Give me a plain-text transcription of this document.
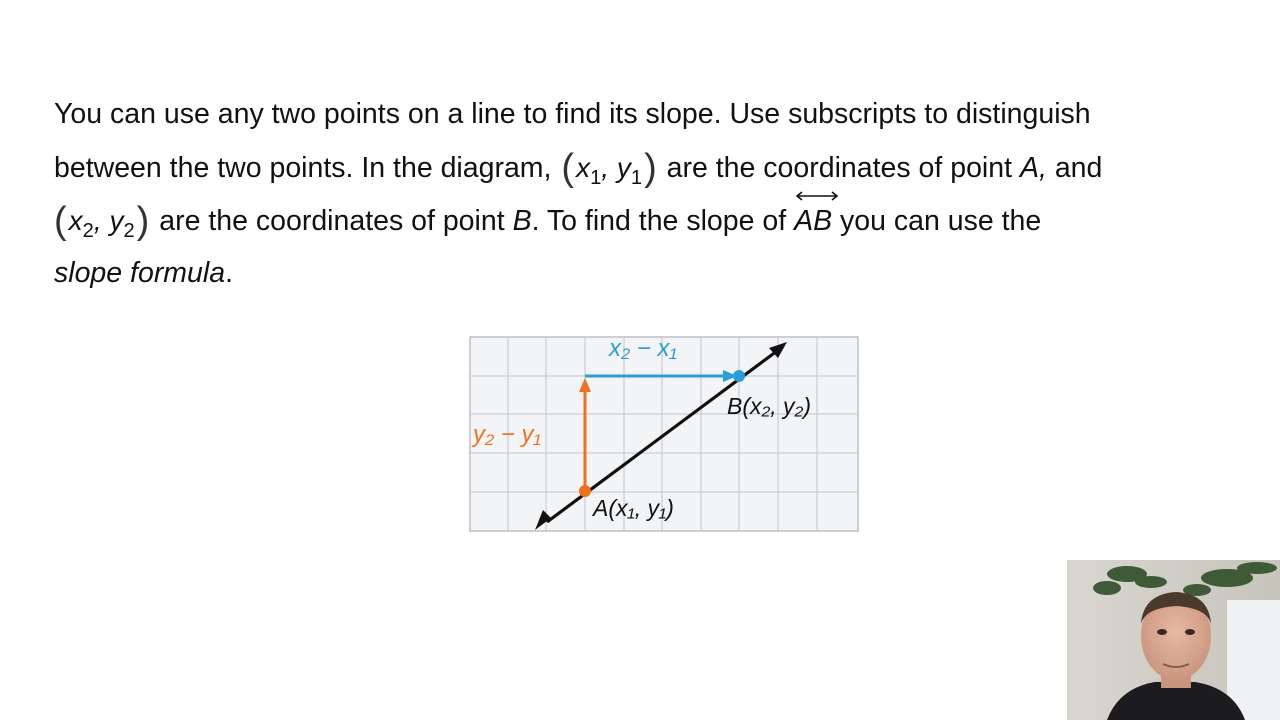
You can use any two points on a line to find its slope. Use subscripts to distinguish
between the two points. In the diagram, ($x_1$, $y_1$) are the coordinates of point A, and
($x_2$, $y_2$) are the coordinates of point B. To find the slope of AB you can use the
slope formula.
x₂ − x₁
y₂ − y₁
B(x₂, y₂)
A(x₁, y₁)
